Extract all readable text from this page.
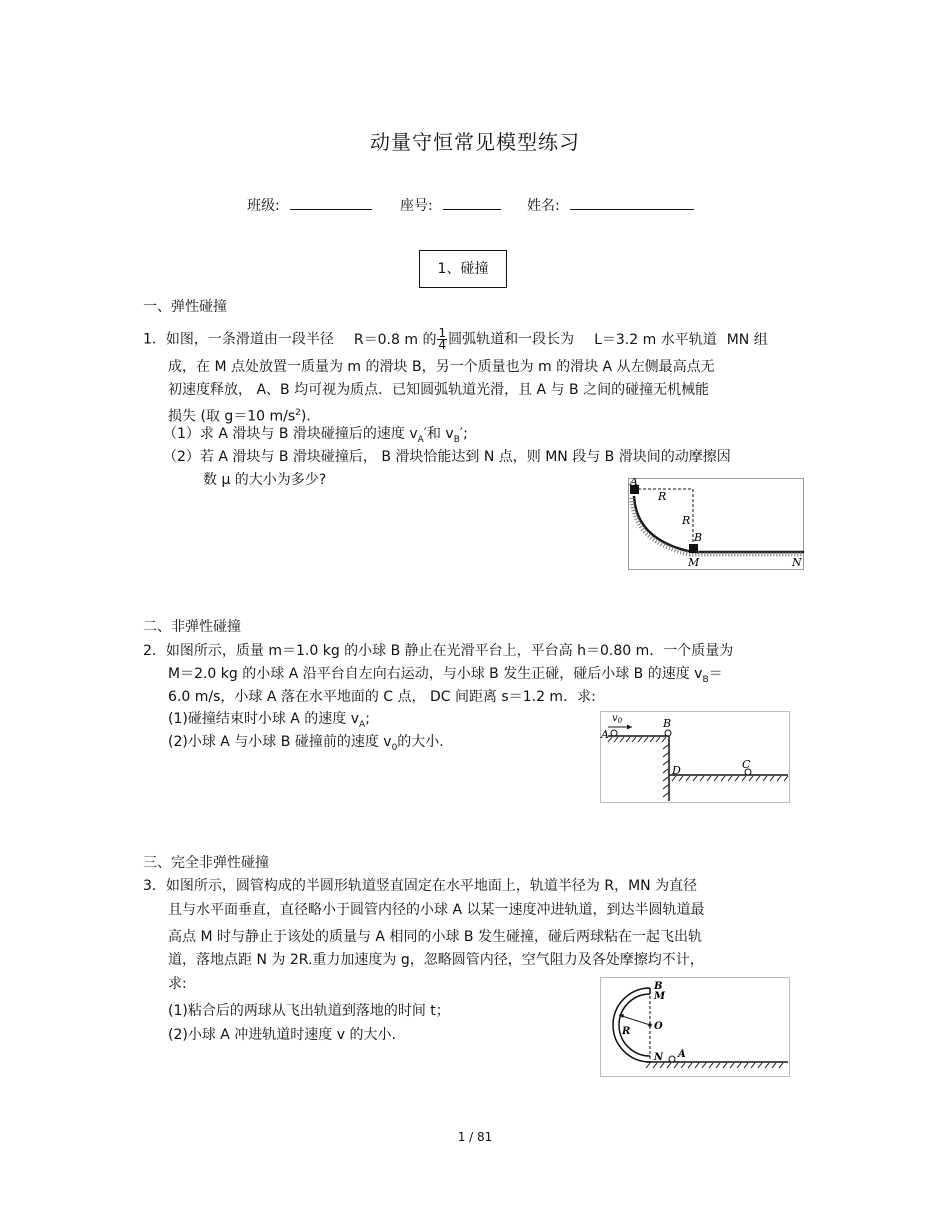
动量守恒常见模型练习
班级:	座号:	姓名:
1、碰撞
一、弹性碰撞
1．如图，一条滑道由一段半径 R＝0.8 m 的 $\frac{1}{4}$ 圆弧轨道和一段长为 L＝3.2 m 水平轨道 MN 组
成，在 M 点处放置一质量为 m 的滑块 B，另一个质量也为 m 的滑块 A 从左侧最高点无
初速度释放， A、B 均可视为质点．已知圆弧轨道光滑，且 A 与 B 之间的碰撞无机械能
损失 (取 g＝10 $m/s^2$)．
（1）求 A 滑块与 B 滑块碰撞后的速度 $v_A'$和 $v_B'$;
（2）若 A 滑块与 B 滑块碰撞后， B 滑块恰能达到 N 点，则 MN 段与 B 滑块间的动摩擦因
数 μ 的大小为多少?	A
R
R
B
M	N
二、非弹性碰撞
2．如图所示，质量 m＝1.0 kg 的小球 B 静止在光滑平台上，平台高 h＝0.80 m．一个质量为
M＝2.0 kg 的小球 A 沿平台自左向右运动，与小球 B 发生正碰，碰后小球 B 的速度 $v_B=$
6.0 m/s，小球 A 落在水平地面的 C 点， DC 间距离 s＝1.2 m．求:
(1)碰撞结束时小球 A 的速度 $v_A$;
(2)小球 A 与小球 B 碰撞前的速度 $v_0$的大小.
$v_0$
A
B
C
D
三、完全非弹性碰撞
3．如图所示，圆管构成的半圆形轨道竖直固定在水平地面上，轨道半径为 R，MN 为直径
且与水平面垂直，直径略小于圆管内径的小球 A 以某一速度冲进轨道，到达半圆轨道最
高点 M 时与静止于该处的质量与 A 相同的小球 B 发生碰撞，碰后两球粘在一起飞出轨
道，落地点距 N 为 2R.重力加速度为 g，忽略圆管内径，空气阻力及各处摩擦均不计，
求:
(1)粘合后的两球从飞出轨道到落地的时间 t；
(2)小球 A 冲进轨道时速度 v 的大小.
B
M
R O
N A
1 / 81
